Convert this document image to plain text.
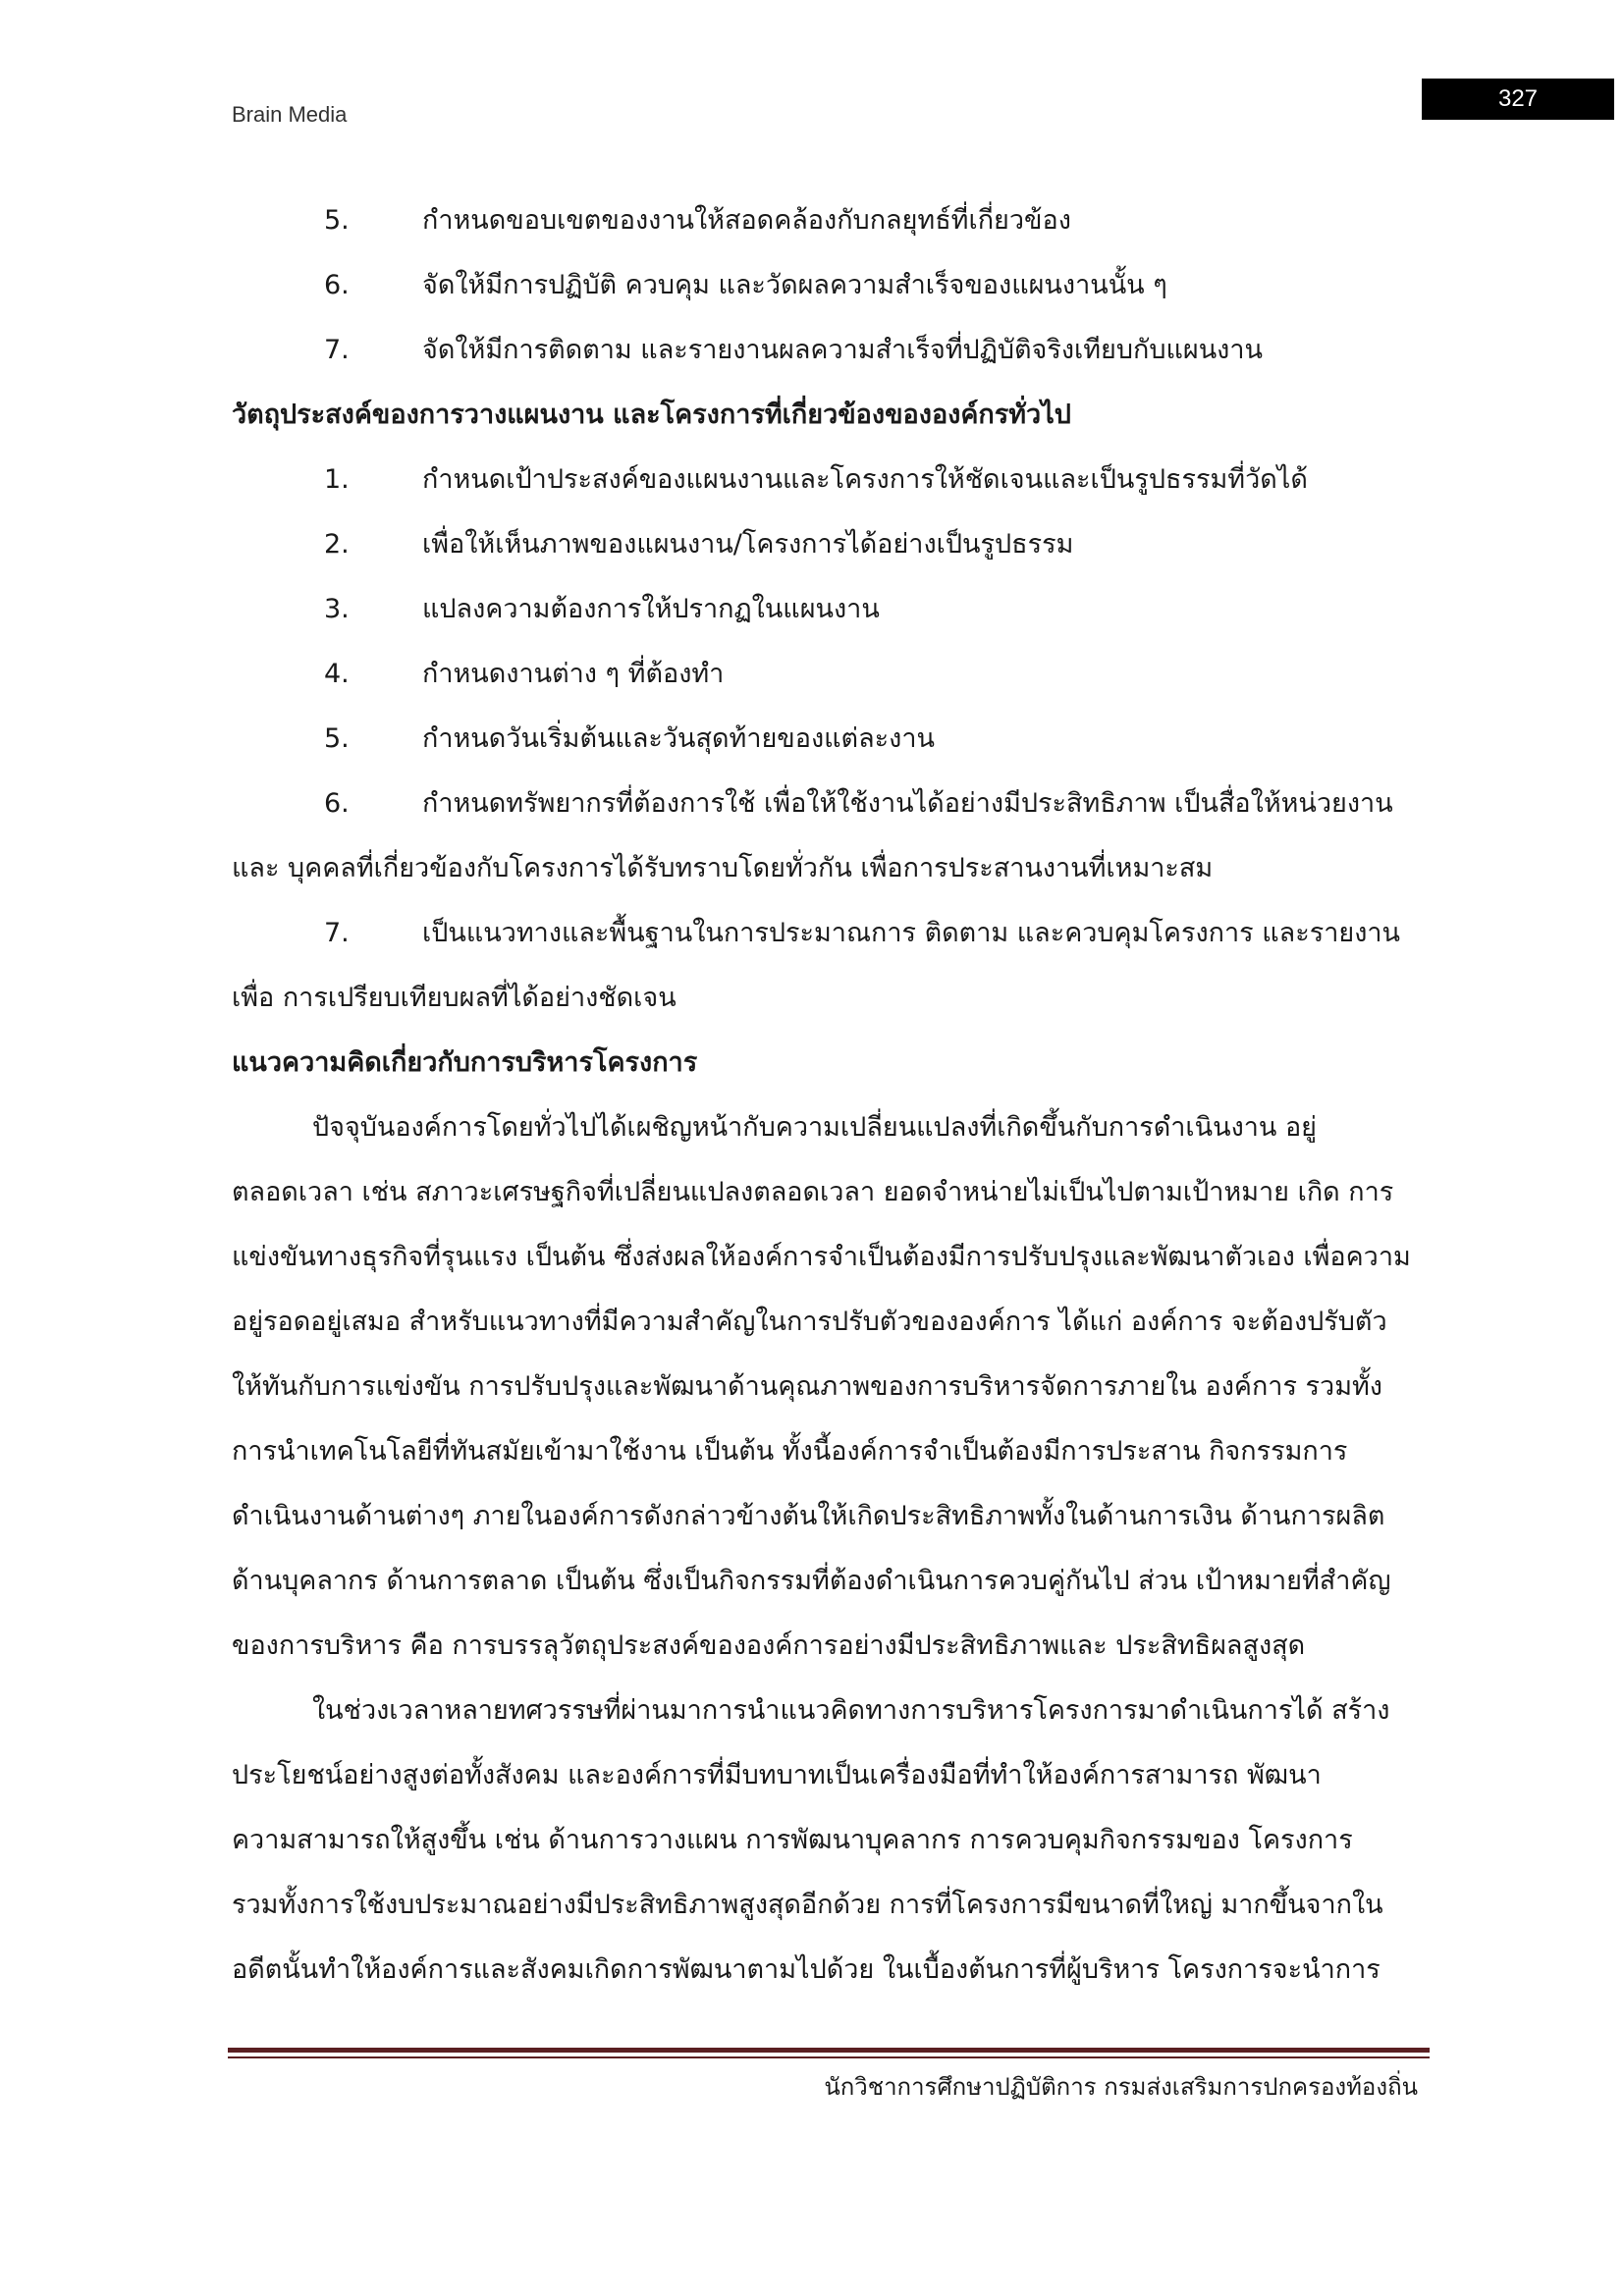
Brain Media
327
5.	กำหนดขอบเขตของงานให้สอดคล้องกับกลยุทธ์ที่เกี่ยวข้อง
6.	จัดให้มีการปฏิบัติ ควบคุม และวัดผลความสำเร็จของแผนงานนั้น ๆ
7.	จัดให้มีการติดตาม และรายงานผลความสำเร็จที่ปฏิบัติจริงเทียบกับแผนงาน
วัตถุประสงค์ของการวางแผนงาน และโครงการที่เกี่ยวข้องขององค์กรทั่วไป
1.	กำหนดเป้าประสงค์ของแผนงานและโครงการให้ชัดเจนและเป็นรูปธรรมที่วัดได้
2.	เพื่อให้เห็นภาพของแผนงาน/โครงการได้อย่างเป็นรูปธรรม
3.	แปลงความต้องการให้ปรากฏในแผนงาน
4.	กำหนดงานต่าง ๆ ที่ต้องทำ
5.	กำหนดวันเริ่มต้นและวันสุดท้ายของแต่ละงาน
6.	กำหนดทรัพยากรที่ต้องการใช้ เพื่อให้ใช้งานได้อย่างมีประสิทธิภาพ เป็นสื่อให้หน่วยงาน
และ บุคคลที่เกี่ยวข้องกับโครงการได้รับทราบโดยทั่วกัน เพื่อการประสานงานที่เหมาะสม
7.	เป็นแนวทางและพื้นฐานในการประมาณการ ติดตาม และควบคุมโครงการ และรายงาน
เพื่อ การเปรียบเทียบผลที่ได้อย่างชัดเจน
แนวความคิดเกี่ยวกับการบริหารโครงการ
ปัจจุบันองค์การโดยทั่วไปได้เผชิญหน้ากับความเปลี่ยนแปลงที่เกิดขึ้นกับการดำเนินงาน อยู่
ตลอดเวลา เช่น สภาวะเศรษฐกิจที่เปลี่ยนแปลงตลอดเวลา ยอดจำหน่ายไม่เป็นไปตามเป้าหมาย เกิด การ
แข่งขันทางธุรกิจที่รุนแรง เป็นต้น ซึ่งส่งผลให้องค์การจำเป็นต้องมีการปรับปรุงและพัฒนาตัวเอง เพื่อความ
อยู่รอดอยู่เสมอ สำหรับแนวทางที่มีความสำคัญในการปรับตัวขององค์การ ได้แก่ องค์การ จะต้องปรับตัว
ให้ทันกับการแข่งขัน การปรับปรุงและพัฒนาด้านคุณภาพของการบริหารจัดการภายใน องค์การ รวมทั้ง
การนำเทคโนโลยีที่ทันสมัยเข้ามาใช้งาน เป็นต้น ทั้งนี้องค์การจำเป็นต้องมีการประสาน กิจกรรมการ
ดำเนินงานด้านต่างๆ ภายในองค์การดังกล่าวข้างต้นให้เกิดประสิทธิภาพทั้งในด้านการเงิน ด้านการผลิต
ด้านบุคลากร ด้านการตลาด เป็นต้น ซึ่งเป็นกิจกรรมที่ต้องดำเนินการควบคู่กันไป ส่วน เป้าหมายที่สำคัญ
ของการบริหาร คือ การบรรลุวัตถุประสงค์ขององค์การอย่างมีประสิทธิภาพและ ประสิทธิผลสูงสุด
ในช่วงเวลาหลายทศวรรษที่ผ่านมาการนำแนวคิดทางการบริหารโครงการมาดำเนินการได้ สร้าง
ประโยชน์อย่างสูงต่อทั้งสังคม และองค์การที่มีบทบาทเป็นเครื่องมือที่ทำให้องค์การสามารถ พัฒนา
ความสามารถให้สูงขึ้น เช่น ด้านการวางแผน การพัฒนาบุคลากร การควบคุมกิจกรรมของ โครงการ
รวมทั้งการใช้งบประมาณอย่างมีประสิทธิภาพสูงสุดอีกด้วย การที่โครงการมีขนาดที่ใหญ่ มากขึ้นจากใน
อดีตนั้นทำให้องค์การและสังคมเกิดการพัฒนาตามไปด้วย ในเบื้องต้นการที่ผู้บริหาร โครงการจะนำการ
นักวิชาการศึกษาปฏิบัติการ กรมส่งเสริมการปกครองท้องถิ่น
